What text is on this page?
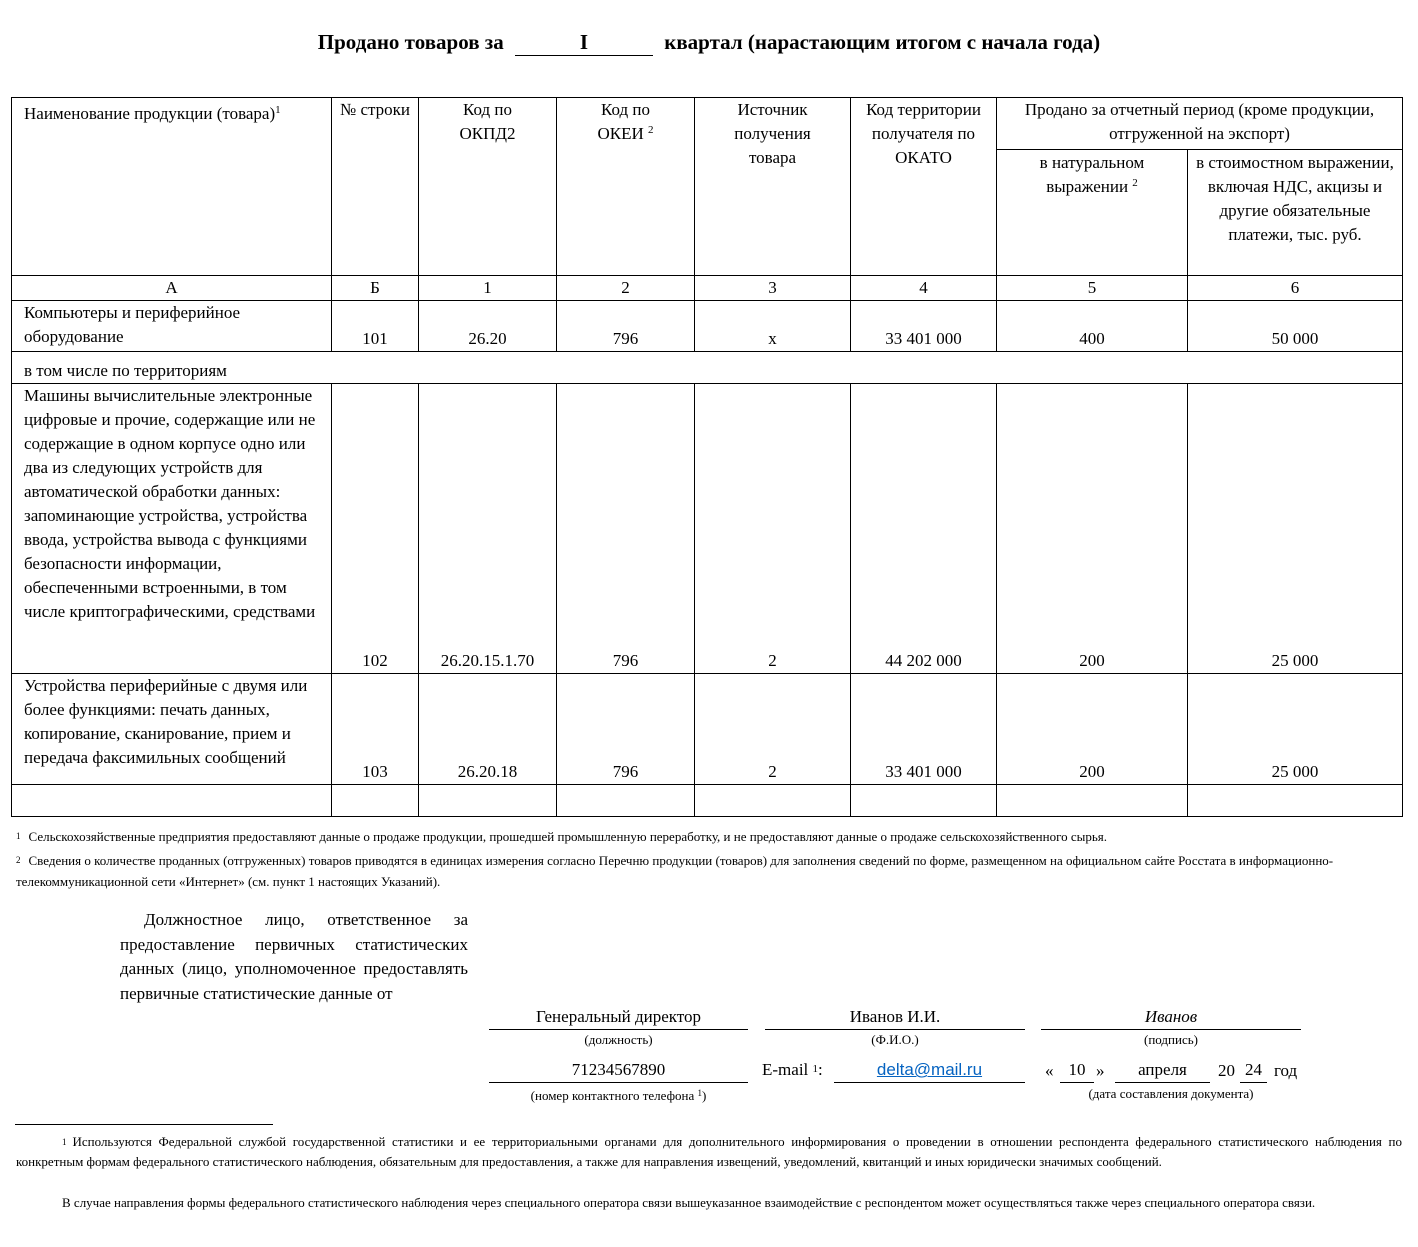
Продано товаров за	I	квартал (нарастающим итогом с начала года)
Наименование продукции (товара)$^1$	№ строки	Код по ОКПД2	Код по ОКЕИ $^2$	Источник получения товара	Код территории получателя по ОКАТО	Продано за отчетный период (кроме продукции, отгруженной на экспорт)	
						в натуральном выражении $^2$	в стоимостном выражении, включая НДС, акцизы и другие обязательные платежи, тыс. руб.
А	Б	1	2	3	4	5	6
Компьютеры и периферийное оборудование	101	26.20	796	х	33 401 000	400	50 000
в том числе по территориям							

Машины вычислительные электронные цифровые и прочие, содержащие или не содержащие в одном корпусе одно или два из следующих устройств для автоматической обработки данных: запоминающие устройства, устройства ввода, устройства вывода с функциями безопасности информации, обеспеченными встроенными, в том числе криптографическими, средствами	102	26.20.15.1.70	796	2	44 202 000	200	25 000

Устройства периферийные с двумя или более функциями: печать данных, копирование, сканирование, прием и передача факсимильных сообщений	103	26.20.18	796	2	33 401 000	200	25 000

$^1$ Сельскохозяйственные предприятия предоставляют данные о продаже продукции, прошедшей промышленную переработку, и не предоставляют данные о продаже сельскохозяйственного сырья.
$^2$ Сведения о количестве проданных (отгруженных) товаров приводятся в единицах измерения согласно Перечню продукции (товаров) для заполнения сведений по форме, размещенном на официальном сайте Росстата в информационно-телекоммуникационной сети «Интернет» (см. пункт 1 настоящих Указаний).
Должностное лицо, ответственное за предоставление первичных статистических данных (лицо, уполномоченное предоставлять первичные статистические данные от
Генеральный директор
(должность)
Иванов И.И.
(Ф.И.О.)
Иванов
(подпись)
71234567890
(номер контактного телефона $^1$)
E-mail $^1$:	delta@mail.ru	« 10 »	апреля	20 24 год
(дата составления документа)
$^1$ Используются Федеральной службой государственной статистики и ее территориальными органами для дополнительного информирования о проведении в отношении респондента федерального статистического наблюдения по конкретным формам федерального статистического наблюдения, обязательным для предоставления, а также для направления извещений, уведомлений, квитанций и иных юридически значимых сообщений.
В случае направления формы федерального статистического наблюдения через специального оператора связи вышеуказанное взаимодействие с респондентом может осуществляться также через специального оператора связи.
